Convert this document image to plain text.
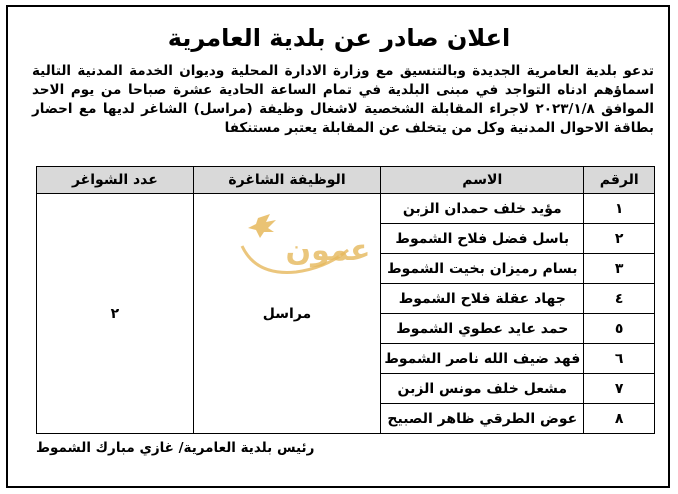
اعلان صادر عن بلدية العامرية
تدعو بلدية العامرية الجديدة وبالتنسيق مع وزارة الادارة المحلية وديوان الخدمة المدنية التالية اسماؤهم ادناه التواجد في مبنى البلدية في تمام الساعة الحادية عشرة صباحا من يوم الاحد الموافق ٢٠٢٣/١/٨ لاجراء المقابلة الشخصية لاشغال وظيفة (مراسل) الشاغر لديها مع احضار بطاقة الاحوال المدنية وكل من يتخلف عن المقابلة يعتبر مستنكفا
الرقم	الاسم	الوظيفة الشاغرة	عدد الشواغر
١	مؤيد خلف حمدان الزبن	مراسل	٢
٢	باسل فضل فلاح الشموط		
٣	بسام رميزان بخيت الشموط		
٤	جهاد عقلة فلاح الشموط		
٥	حمد عايد عطوي الشموط		
٦	فهد ضيف الله ناصر الشموط		
٧	مشعل خلف مونس الزبن		
٨	عوض الطرقي ظاهر الصبيح		
عمون
رئيس بلدية العامرية/ غازي مبارك الشموط
